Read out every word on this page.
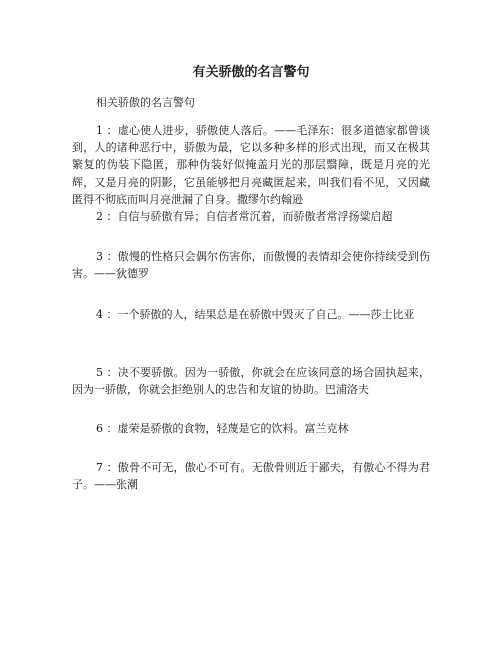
有关骄傲的名言警句

相关骄傲的名言警句

1 ：虚心使人进步，骄傲使人落后。——毛泽东：很多道德家都曾谈到，人的诸种恶行中，骄傲为最，它以多种多样的形式出现，而又在极其繁复的伪装下隐匿，那种伪装好似掩盖月光的那层翳障，既是月亮的光辉，又是月亮的阴影，它虽能够把月亮藏匿起来，叫我们看不见，又因藏匿得不彻底而叫月亮泄漏了自身。撒缪尔约翰逊

2 ：自信与骄傲有异；自信者常沉着，而骄傲者常浮扬粱启超

3 ：傲慢的性格只会偶尔伤害你，而傲慢的表情却会使你持续受到伤害。——狄德罗

4 ：一个骄傲的人，结果总是在骄傲中毁灭了自己。——莎士比亚

5 ：决不要骄傲。因为一骄傲，你就会在应该同意的场合固执起来，因为一骄傲，你就会拒绝别人的忠告和友谊的协助。巴浦洛夫

6 ：虚荣是骄傲的食物，轻蔑是它的饮料。富兰克林

7 ：傲骨不可无，傲心不可有。无傲骨则近于鄙夫，有傲心不得为君子。——张潮
